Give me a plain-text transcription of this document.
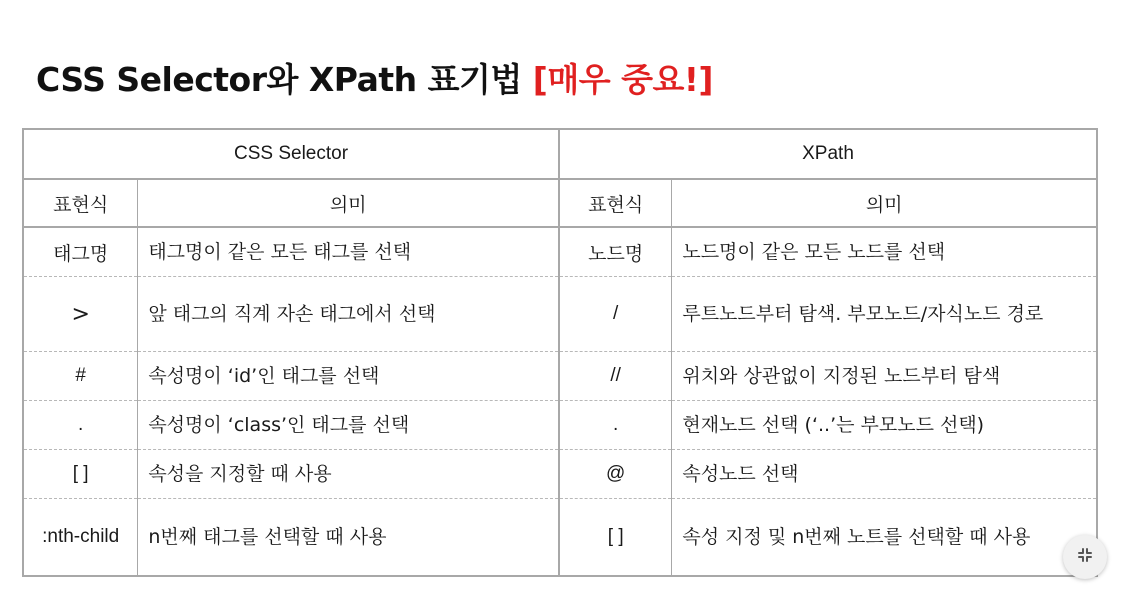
CSS Selector와 XPath 표기법 [매우 중요!]
CSS Selector		XPath	
표현식	의미	표현식	의미
태그명	태그명이 같은 모든 태그를 선택	노드명	노드명이 같은 모든 노드를 선택
>	앞 태그의 직계 자손 태그에서 선택	/	루트노드부터 탐색. 부모노드/자식노드 경로
#	속성명이 ‘id’인 태그를 선택	//	위치와 상관없이 지정된 노드부터 탐색
.	속성명이 ‘class’인 태그를 선택	.	현재노드 선택 (‘..’는 부모노드 선택)
[ ]	속성을 지정할 때 사용	@	속성노드 선택
:nth-child	n번째 태그를 선택할 때 사용	[ ]	속성 지정 및 n번째 노트를 선택할 때 사용
